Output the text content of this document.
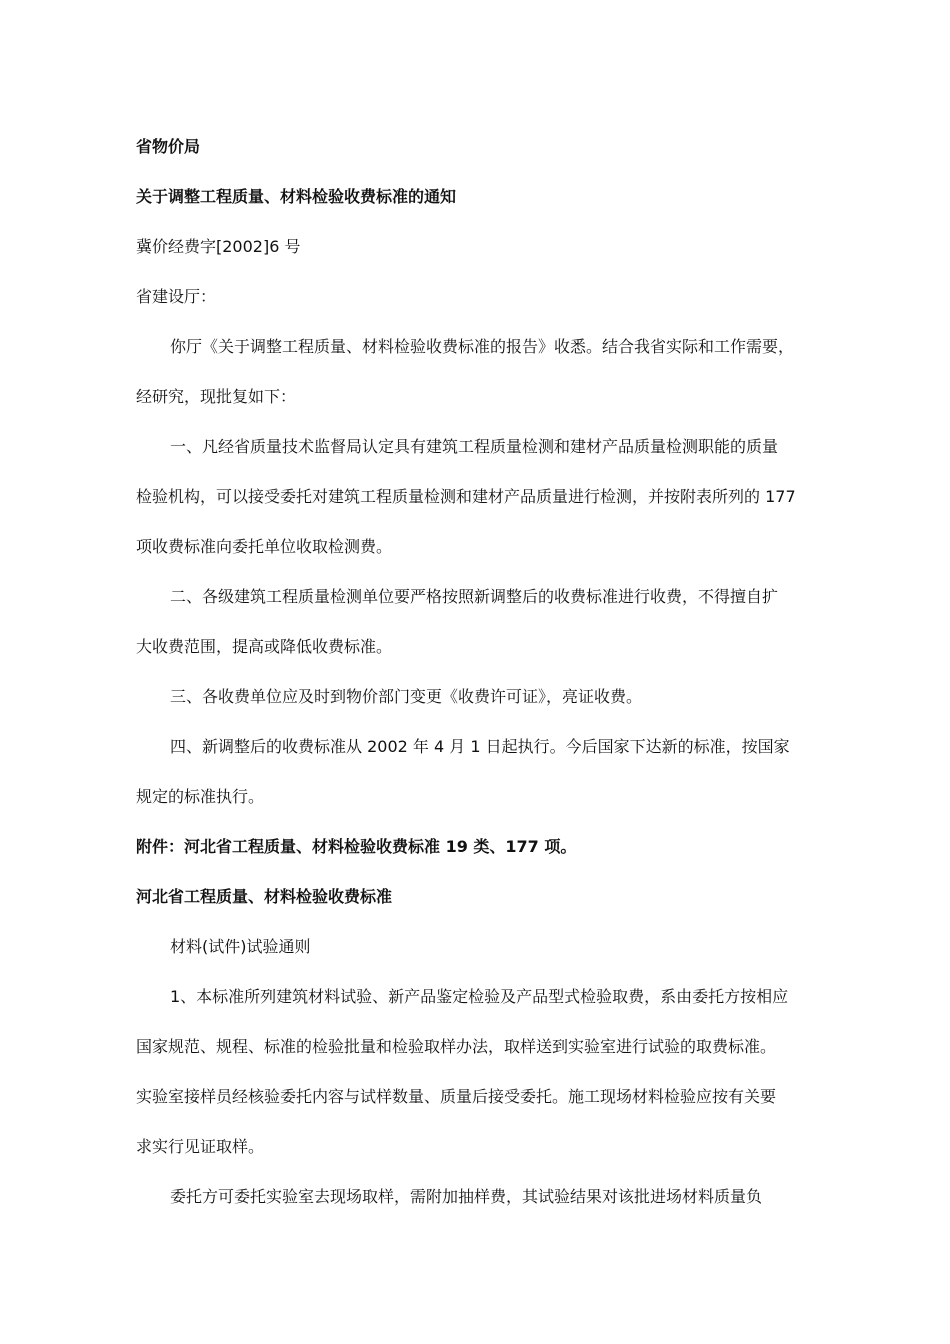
省物价局
关于调整工程质量、材料检验收费标准的通知
冀价经费字[2002]6 号
省建设厅：
你厅《关于调整工程质量、材料检验收费标准的报告》收悉。结合我省实际和工作需要，
经研究，现批复如下：
一、凡经省质量技术监督局认定具有建筑工程质量检测和建材产品质量检测职能的质量
检验机构，可以接受委托对建筑工程质量检测和建材产品质量进行检测，并按附表所列的 177
项收费标准向委托单位收取检测费。
二、各级建筑工程质量检测单位要严格按照新调整后的收费标准进行收费，不得擅自扩
大收费范围，提高或降低收费标准。
三、各收费单位应及时到物价部门变更《收费许可证》，亮证收费。
四、新调整后的收费标准从 2002 年 4 月 1 日起执行。今后国家下达新的标准，按国家
规定的标准执行。
附件：河北省工程质量、材料检验收费标准 19 类、177 项。
河北省工程质量、材料检验收费标准
材料(试件)试验通则
1、本标准所列建筑材料试验、新产品鉴定检验及产品型式检验取费，系由委托方按相应
国家规范、规程、标准的检验批量和检验取样办法，取样送到实验室进行试验的取费标准。
实验室接样员经核验委托内容与试样数量、质量后接受委托。施工现场材料检验应按有关要
求实行见证取样。
委托方可委托实验室去现场取样，需附加抽样费，其试验结果对该批进场材料质量负
